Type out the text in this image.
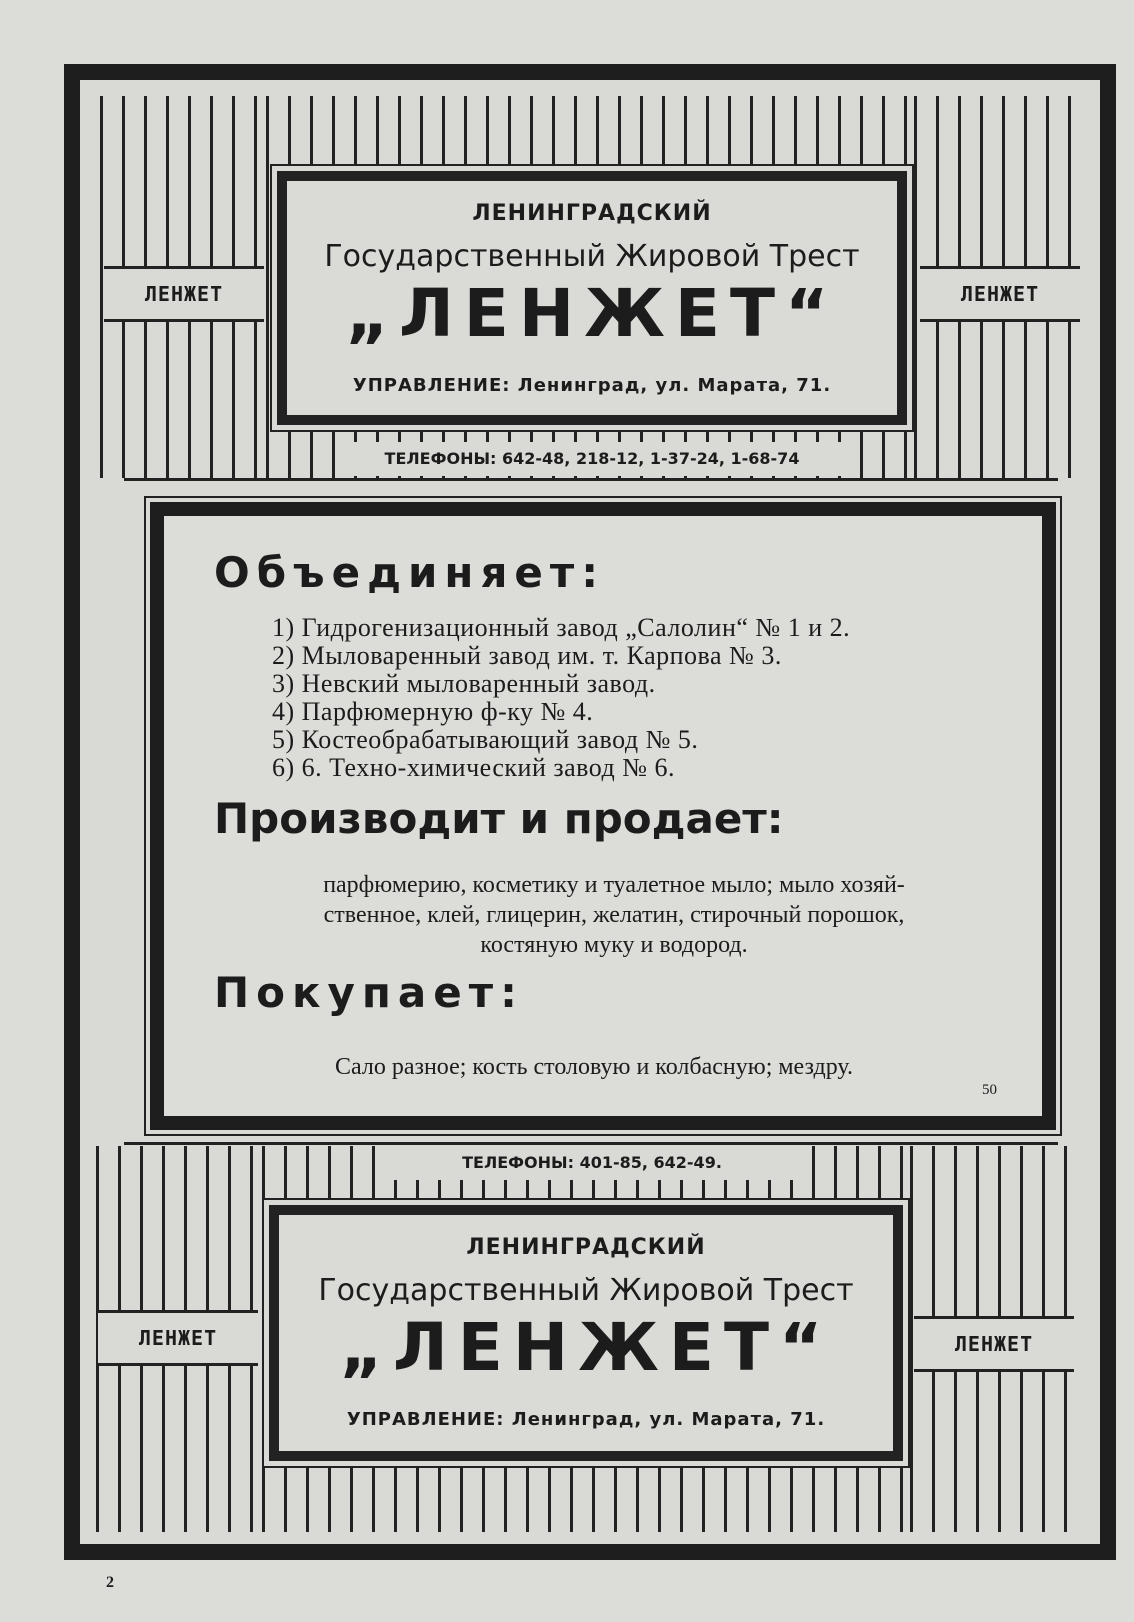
ЛЕНИНГРАДСКИЙ
Государственный Жировой Трест
„ЛЕНЖЕТ“
УПРАВЛЕНИЕ: Ленинград, ул. Марата, 71.
ЛЕНЖЕТ	ЛЕНЖЕТ
ТЕЛЕФОНЫ: 642-48, 218-12, 1-37-24, 1-68-74
Объединяет:
1) Гидрогенизационный завод „Салолин“ № 1 и 2.
2) Мыловаренный завод им. т. Карпова № 3.
3) Невский мыловаренный завод.
4) Парфюмерную ф-ку № 4.
5) Костеобрабатывающий завод № 5.
6) 6. Техно-химический завод № 6.
Производит и продает:
парфюмерию, косметику и туалетное мыло; мыло хозяй-
ственное, клей, глицерин, желатин, стирочный порошок,
костяную муку и водород.
Покупает:
Сало разное; кость столовую и колбасную; мездру.
50
ТЕЛЕФОНЫ: 401-85, 642-49.
ЛЕНИНГРАДСКИЙ
Государственный Жировой Трест
„ЛЕНЖЕТ“
УПРАВЛЕНИЕ: Ленинград, ул. Марата, 71.
ЛЕНЖЕТ	ЛЕНЖЕТ
2
